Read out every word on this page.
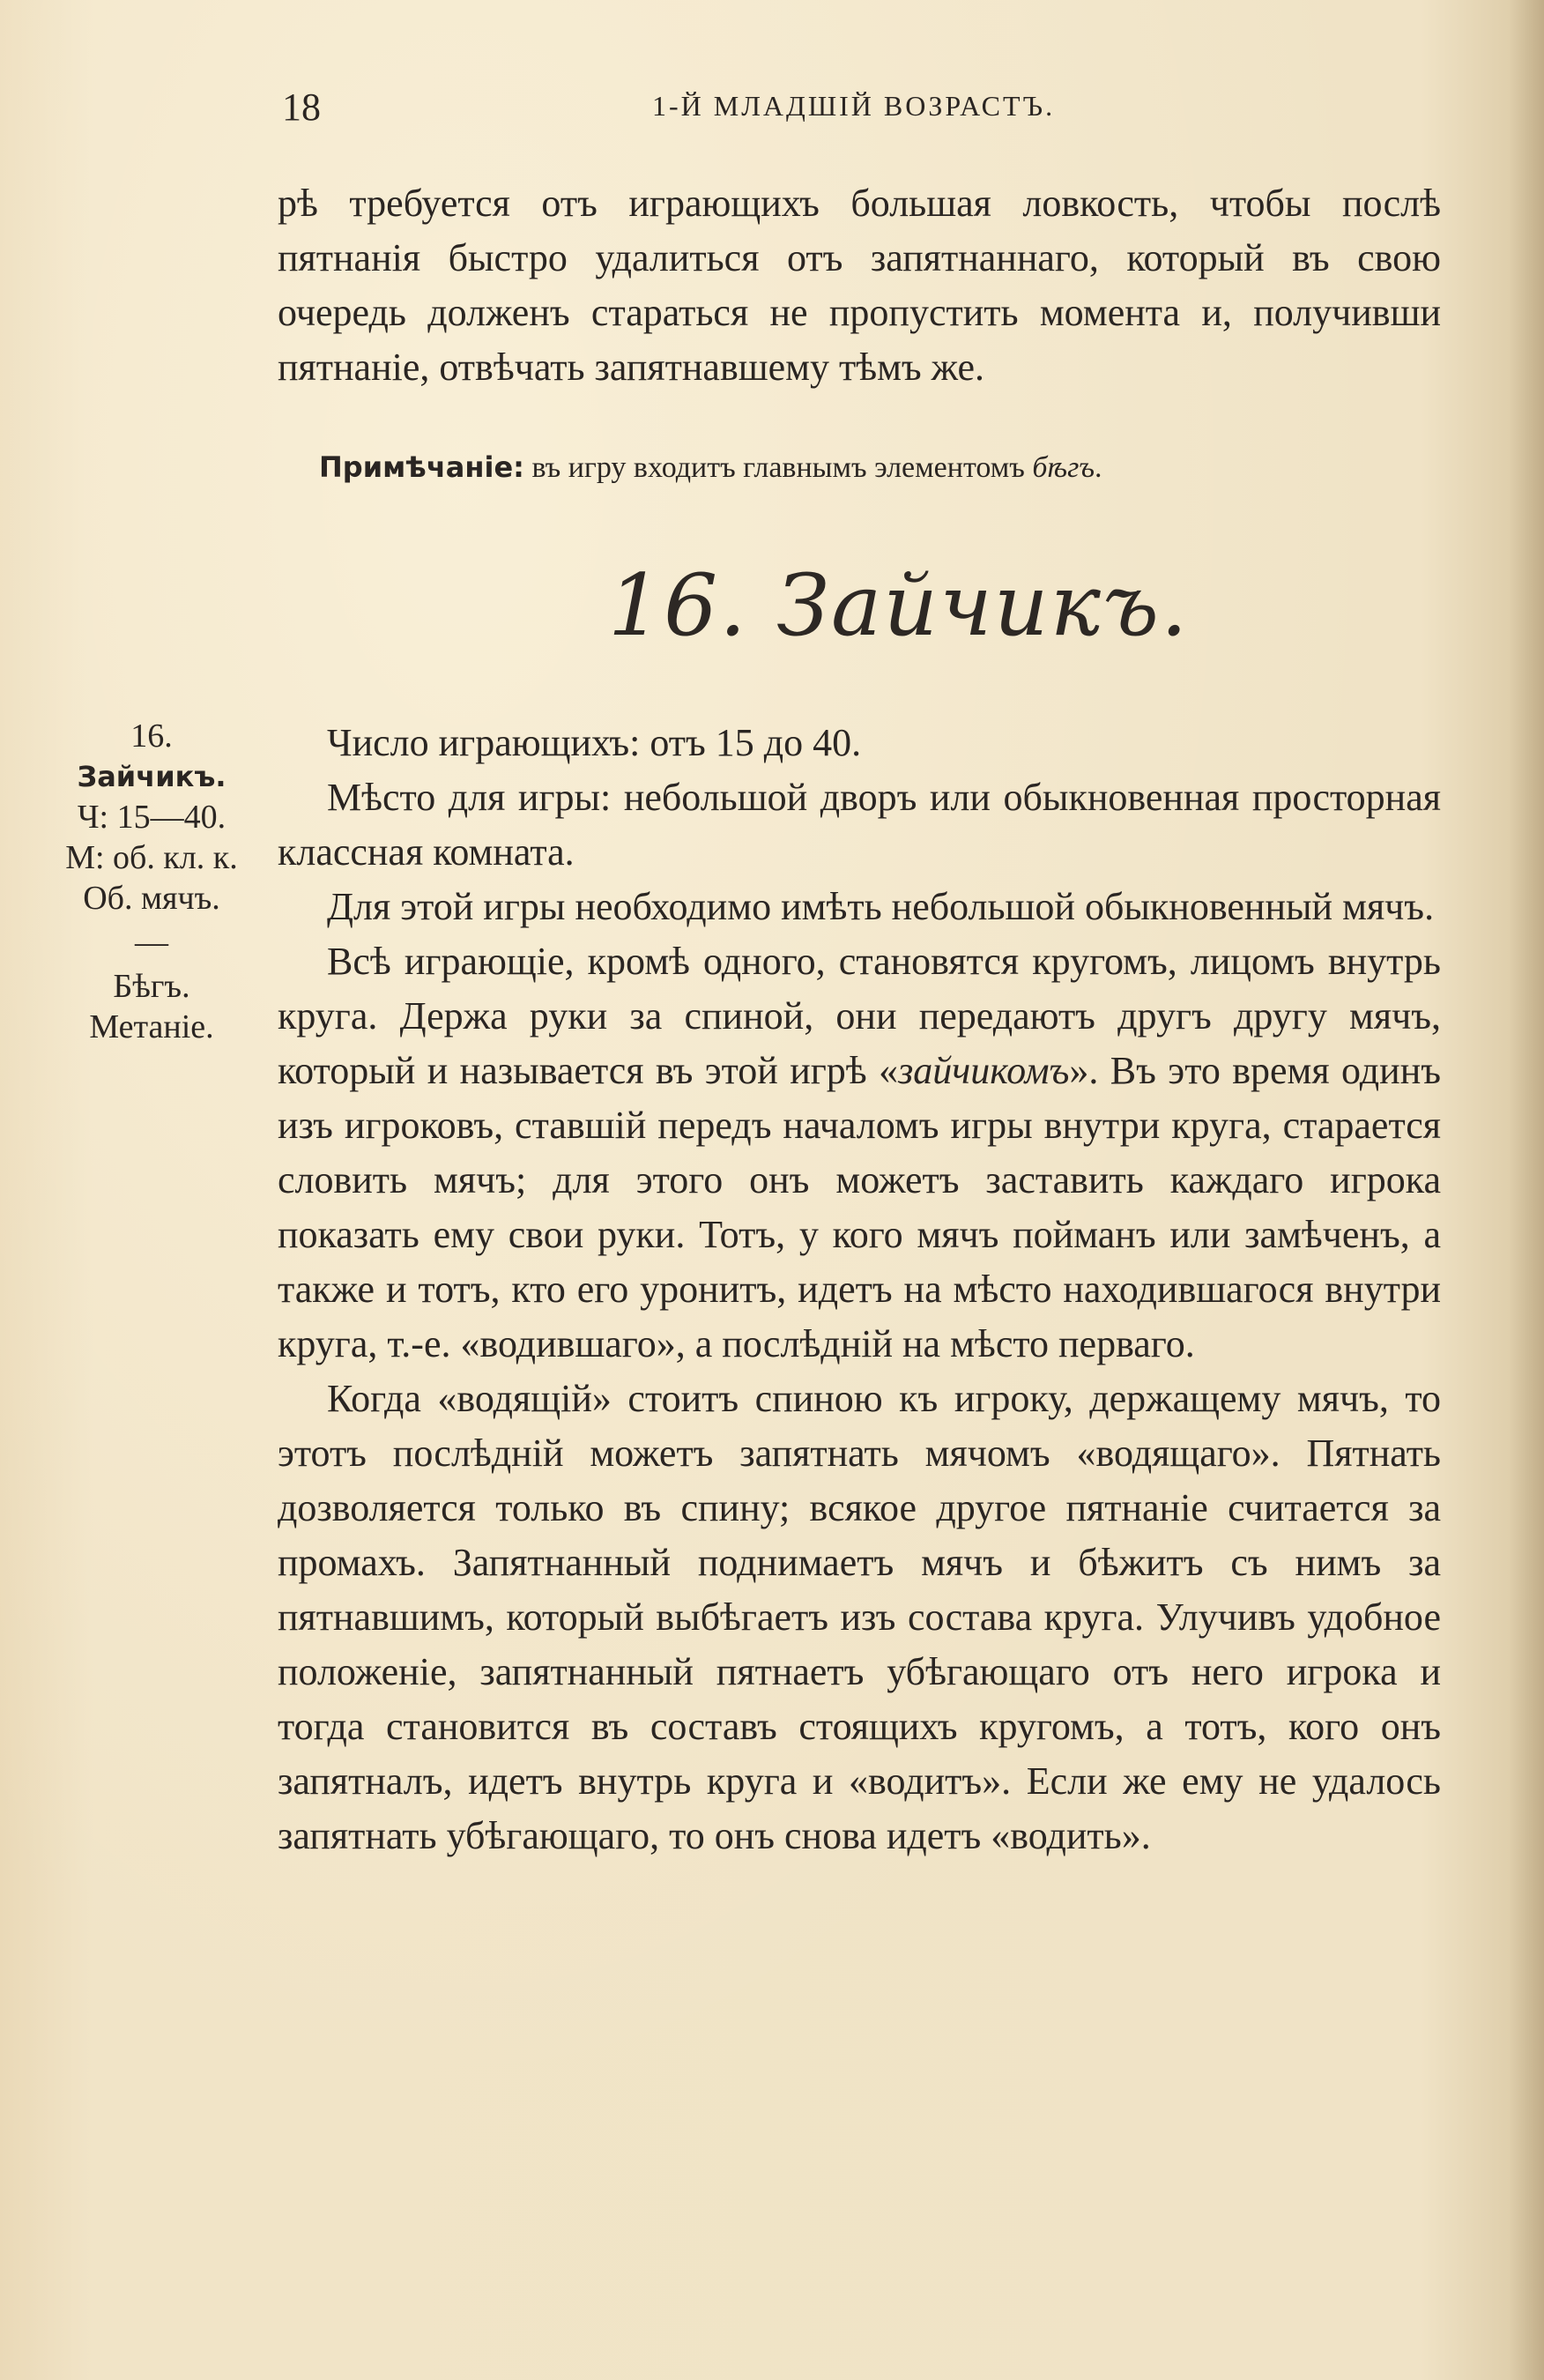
18	1-Й МЛАДШІЙ ВОЗРАСТЪ.

рѣ требуется отъ играющихъ большая ловкость, чтобы послѣ пятнанія быстро удалиться отъ запятнаннаго, который въ свою очередь долженъ стараться не пропустить момента и, получивши пятнаніе, отвѣчать запятнавшему тѣмъ же.

Примѣчаніе: въ игру входитъ главнымъ элементомъ бѣгъ.
16. Зайчикъ.
16.
Зайчикъ.
Ч: 15—40.
М: об. кл. к.
Об. мячъ.
—
Бѣгъ.
Метаніе.

Число играющихъ: отъ 15 до 40.

Мѣсто для игры: небольшой дворъ или обыкновенная просторная классная комната.

Для этой игры необходимо имѣть небольшой обыкновенный мячъ.

Всѣ играющіе, кромѣ одного, становятся кругомъ, лицомъ внутрь круга. Держа руки за спиной, они передаютъ другъ другу мячъ, который и называется въ этой игрѣ «зайчикомъ». Въ это время одинъ изъ игроковъ, ставшій передъ началомъ игры внутри круга, старается словить мячъ; для этого онъ можетъ заставить каждаго игрока показать ему свои руки. Тотъ, у кого мячъ пойманъ или замѣченъ, а также и тотъ, кто его уронитъ, идетъ на мѣсто находившагося внутри круга, т.-е. «водившаго», а послѣдній на мѣсто перваго.

Когда «водящій» стоитъ спиною къ игроку, держащему мячъ, то этотъ послѣдній можетъ запятнать мячомъ «водящаго». Пятнать дозволяется только въ спину; всякое другое пятнаніе считается за промахъ. Запятнанный поднимаетъ мячъ и бѣжитъ съ нимъ за пятнавшимъ, который выбѣгаетъ изъ состава круга. Улучивъ удобное положеніе, запятнанный пятнаетъ убѣгающаго отъ него игрока и тогда становится въ составъ стоящихъ кругомъ, а тотъ, кого онъ запятналъ, идетъ внутрь круга и «водитъ». Если же ему не удалось запятнать убѣгающаго, то онъ снова идетъ «водить».
